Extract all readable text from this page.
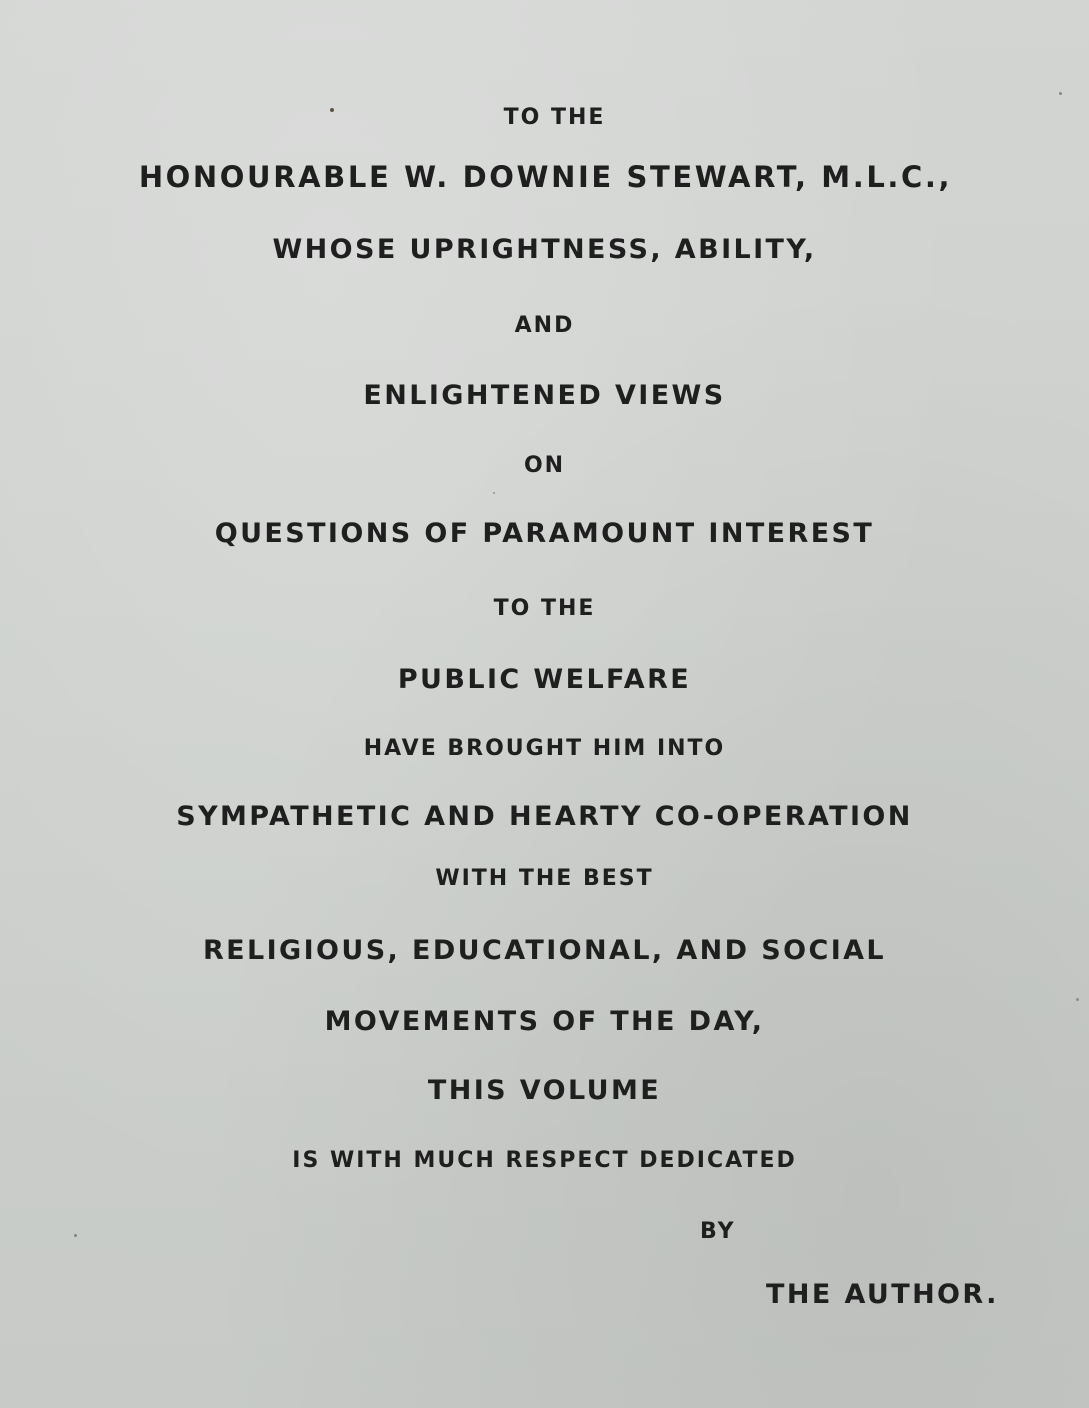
TO THE
HONOURABLE W. DOWNIE STEWART, M.L.C.,
WHOSE UPRIGHTNESS, ABILITY,
AND
ENLIGHTENED VIEWS
ON
QUESTIONS OF PARAMOUNT INTEREST
TO THE
PUBLIC WELFARE
HAVE BROUGHT HIM INTO
SYMPATHETIC AND HEARTY CO-OPERATION
WITH THE BEST
RELIGIOUS, EDUCATIONAL, AND SOCIAL
MOVEMENTS OF THE DAY,
THIS VOLUME
IS WITH MUCH RESPECT DEDICATED
BY
THE AUTHOR.
